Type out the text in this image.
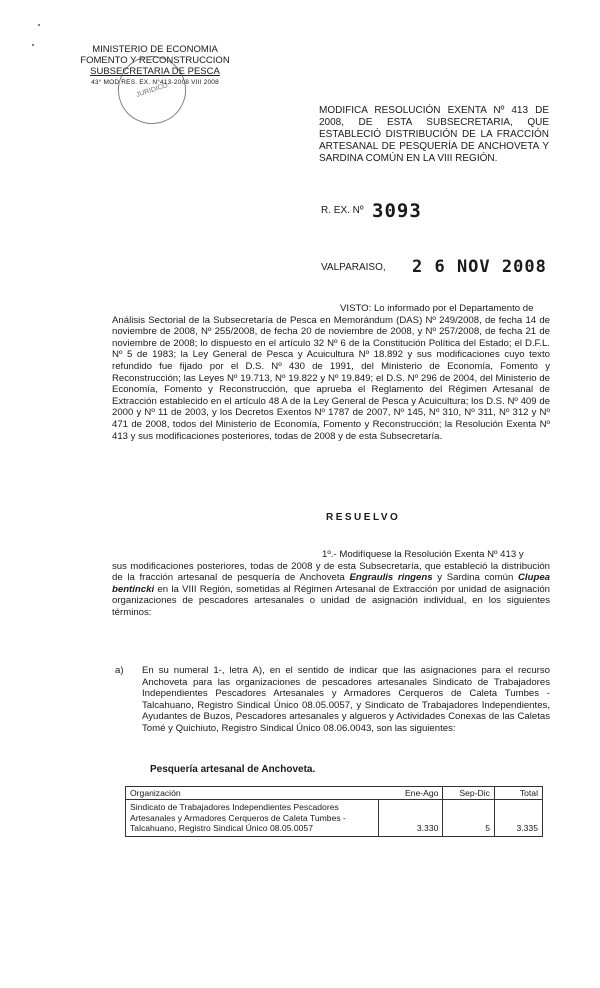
MINISTERIO DE ECONOMIA
FOMENTO Y RECONSTRUCCION
SUBSECRETARIA DE PESCA
43° MOD RES. EX. N°413-2008 VIII 2008
JURIDICO
MODIFICA RESOLUCIÓN EXENTA Nº 413 DE 2008, DE ESTA SUBSECRETARIA, QUE ESTABLECIÓ DISTRIBUCIÓN DE LA FRACCIÓN ARTESANAL DE PESQUERÍA DE ANCHOVETA Y SARDINA COMÚN EN LA VIII REGIÓN.
R. EX. Nº 3093
VALPARAISO, 2 6 NOV 2008
VISTO: Lo informado por el Departamento de
Análisis Sectorial de la Subsecretaría de Pesca en Memorándum (DAS) Nº 249/2008, de fecha 14 de noviembre de 2008, Nº 255/2008, de fecha 20 de noviembre de 2008, y Nº 257/2008, de fecha 21 de noviembre de 2008; lo dispuesto en el artículo 32 Nº 6 de la Constitución Política del Estado; el D.F.L. Nº 5 de 1983; la Ley General de Pesca y Acuicultura Nº 18.892 y sus modificaciones cuyo texto refundido fue fijado por el D.S. Nº 430 de 1991, del Ministerio de Economía, Fomento y Reconstrucción; las Leyes Nº 19.713, Nº 19.822 y Nº 19.849; el D.S. Nº 296 de 2004, del Ministerio de Economía, Fomento y Reconstrucción, que aprueba el Reglamento del Régimen Artesanal de Extracción establecido en el artículo 48 A de la Ley General de Pesca y Acuicultura; los D.S. Nº 409 de 2000 y Nº 11 de 2003, y los Decretos Exentos Nº 1787 de 2007, Nº 145, Nº 310, Nº 311, Nº 312 y Nº 471 de 2008, todos del Ministerio de Economía, Fomento y Reconstrucción; la Resolución Exenta Nº 413 y sus modificaciones posteriores, todas de 2008 y de esta Subsecretaría.
RESUELVO
1º.- Modifíquese la Resolución Exenta Nº 413 y
sus modificaciones posteriores, todas de 2008 y de esta Subsecretaría, que estableció la distribución de la fracción artesanal de pesquería de Anchoveta Engraulis ringens y Sardina común Clupea bentincki en la VIII Región, sometidas al Régimen Artesanal de Extracción por unidad de asignación organizaciones de pescadores artesanales o unidad de asignación individual, en los siguientes términos:
a) En su numeral 1-, letra A), en el sentido de indicar que las asignaciones para el recurso Anchoveta para las organizaciones de pescadores artesanales Sindicato de Trabajadores Independientes Pescadores Artesanales y Armadores Cerqueros de Caleta Tumbes - Talcahuano, Registro Sindical Único 08.05.0057, y Sindicato de Trabajadores Independientes, Ayudantes de Buzos, Pescadores artesanales y algueros y Actividades Conexas de las Caletas Tomé y Quichiuto, Registro Sindical Único 08.06.0043, son las siguientes:
Pesquería artesanal de Anchoveta.
Organización	Ene-Ago	Sep-Dic	Total
Sindicato de Trabajadores Independientes Pescadores Artesanales y Armadores Cerqueros de Caleta Tumbes - Talcahuano, Registro Sindical Único 08.05.0057	3.330	5	3.335
